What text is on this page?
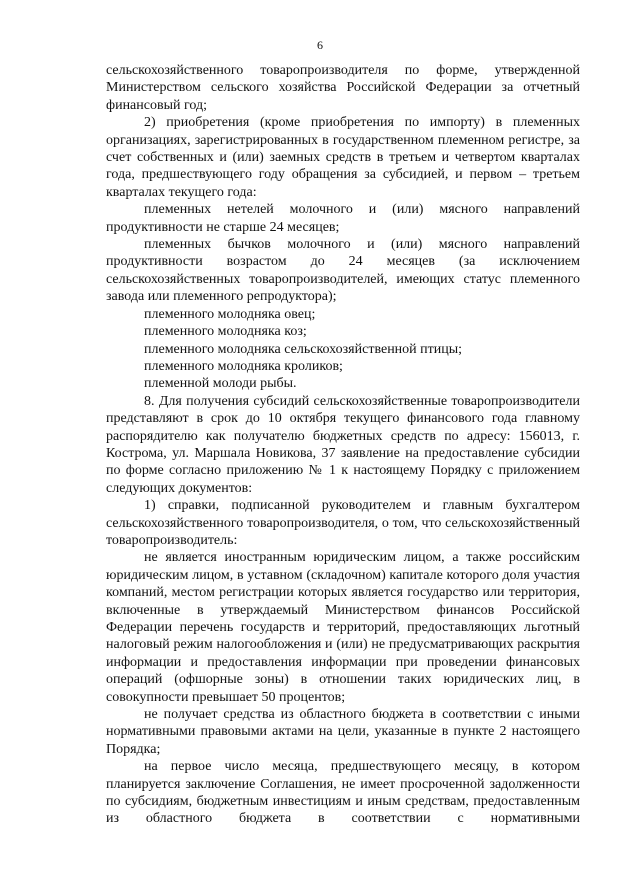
6

сельскохозяйственного товаропроизводителя по форме, утвержденной Министерством сельского хозяйства Российской Федерации за отчетный финансовый год;

2) приобретения (кроме приобретения по импорту) в племенных организациях, зарегистрированных в государственном племенном регистре, за счет собственных и (или) заемных средств в третьем и четвертом кварталах года, предшествующего году обращения за субсидией, и первом – третьем кварталах текущего года:

племенных нетелей молочного и (или) мясного направлений продуктивности не старше 24 месяцев;

племенных бычков молочного и (или) мясного направлений продуктивности возрастом до 24 месяцев (за исключением сельскохозяйственных товаропроизводителей, имеющих статус племенного завода или племенного репродуктора);

племенного молодняка овец;

племенного молодняка коз;

племенного молодняка сельскохозяйственной птицы;

племенного молодняка кроликов;

племенной молоди рыбы.

8. Для получения субсидий сельскохозяйственные товаропроизводители представляют в срок до 10 октября текущего финансового года главному распорядителю как получателю бюджетных средств по адресу: 156013, г. Кострома, ул. Маршала Новикова, 37 заявление на предоставление субсидии по форме согласно приложению № 1 к настоящему Порядку с приложением следующих документов:

1) справки, подписанной руководителем и главным бухгалтером сельскохозяйственного товаропроизводителя, о том, что сельскохозяйственный товаропроизводитель:

не является иностранным юридическим лицом, а также российским юридическим лицом, в уставном (складочном) капитале которого доля участия компаний, местом регистрации которых является государство или территория, включенные в утверждаемый Министерством финансов Российской Федерации перечень государств и территорий, предоставляющих льготный налоговый режим налогообложения и (или) не предусматривающих раскрытия информации и предоставления информации при проведении финансовых операций (офшорные зоны) в отношении таких юридических лиц, в совокупности превышает 50 процентов;

не получает средства из областного бюджета в соответствии с иными нормативными правовыми актами на цели, указанные в пункте 2 настоящего Порядка;

на первое число месяца, предшествующего месяцу, в котором планируется заключение Соглашения, не имеет просроченной задолженности по субсидиям, бюджетным инвестициям и иным средствам, предоставленным из областного бюджета в соответствии с нормативными
